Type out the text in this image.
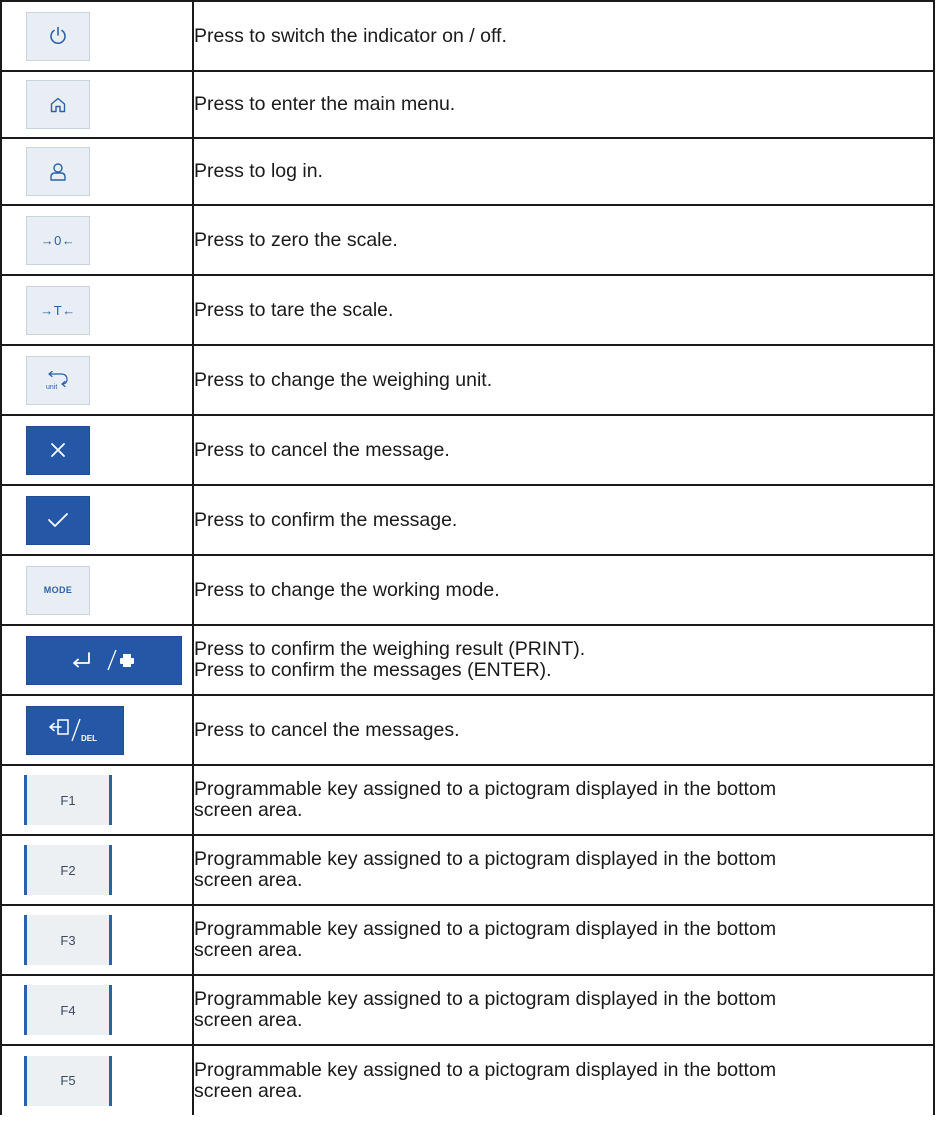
Press to switch the indicator on / off.

Press to enter the main menu.

Press to log in.

→0←	Press to zero the scale.

→T←	Press to tare the scale.

unit	Press to change the weighing unit.

Press to cancel the message.

Press to confirm the message.

MODE	Press to change the working mode.

Press to confirm the weighing result (PRINT).
Press to confirm the messages (ENTER).

DEL	Press to cancel the messages.

F1	Programmable key assigned to a pictogram displayed in the bottom
screen area.

F2	Programmable key assigned to a pictogram displayed in the bottom
screen area.

F3	Programmable key assigned to a pictogram displayed in the bottom
screen area.

F4	Programmable key assigned to a pictogram displayed in the bottom
screen area.

F5	Programmable key assigned to a pictogram displayed in the bottom
screen area.
